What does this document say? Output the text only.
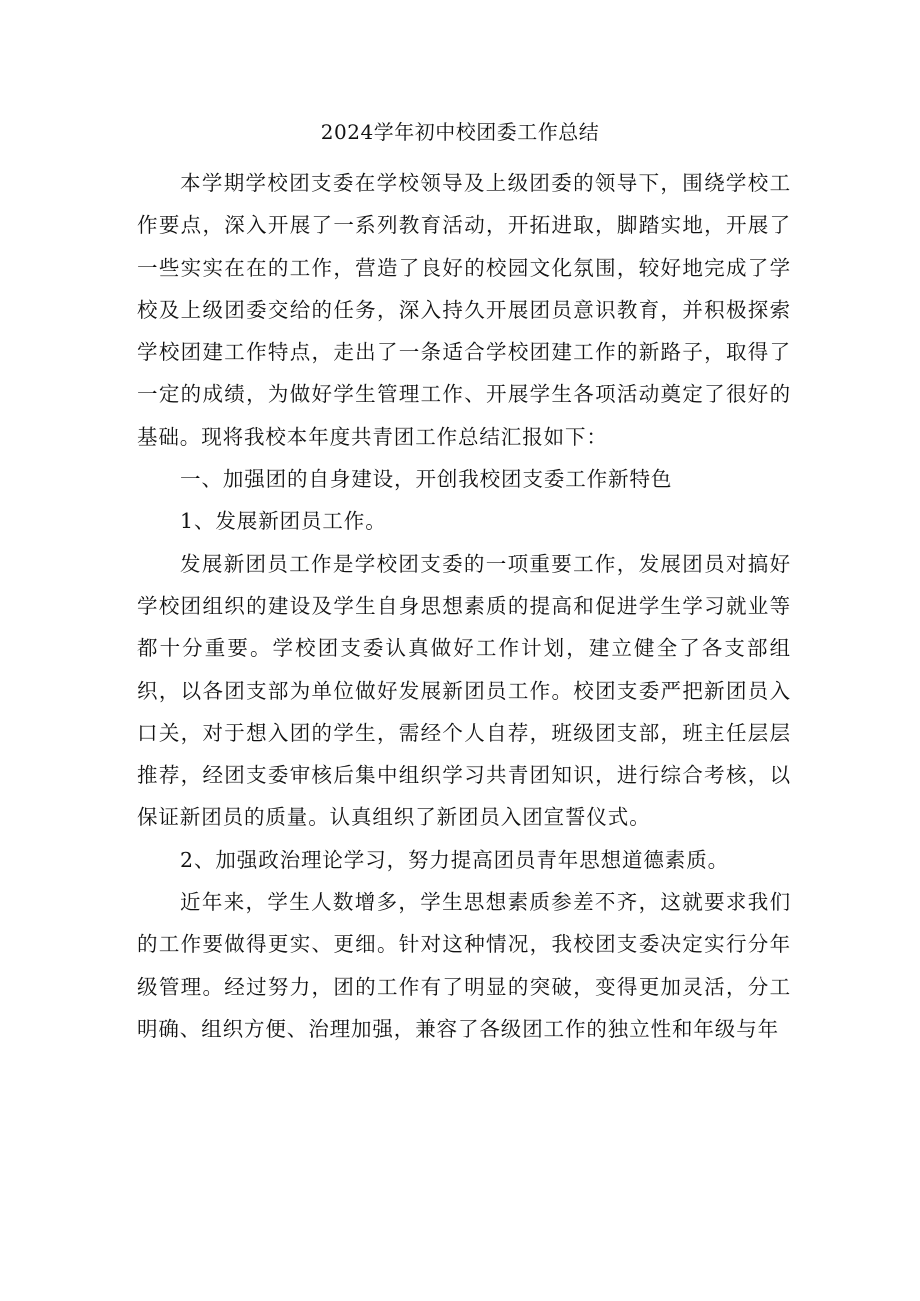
2024学年初中校团委工作总结

本学期学校团支委在学校领导及上级团委的领导下，围绕学校工作要点，深入开展了一系列教育活动，开拓进取，脚踏实地，开展了一些实实在在的工作，营造了良好的校园文化氛围，较好地完成了学校及上级团委交给的任务，深入持久开展团员意识教育，并积极探索学校团建工作特点，走出了一条适合学校团建工作的新路子，取得了一定的成绩，为做好学生管理工作、开展学生各项活动奠定了很好的基础。现将我校本年度共青团工作总结汇报如下：

一、加强团的自身建设，开创我校团支委工作新特色

1、发展新团员工作。

发展新团员工作是学校团支委的一项重要工作，发展团员对搞好学校团组织的建设及学生自身思想素质的提高和促进学生学习就业等都十分重要。学校团支委认真做好工作计划，建立健全了各支部组织，以各团支部为单位做好发展新团员工作。校团支委严把新团员入口关，对于想入团的学生，需经个人自荐，班级团支部，班主任层层推荐，经团支委审核后集中组织学习共青团知识，进行综合考核，以保证新团员的质量。认真组织了新团员入团宣誓仪式。

2、加强政治理论学习，努力提高团员青年思想道德素质。

近年来，学生人数增多，学生思想素质参差不齐，这就要求我们的工作要做得更实、更细。针对这种情况，我校团支委决定实行分年级管理。经过努力，团的工作有了明显的突破，变得更加灵活，分工明确、组织方便、治理加强，兼容了各级团工作的独立性和年级与年
